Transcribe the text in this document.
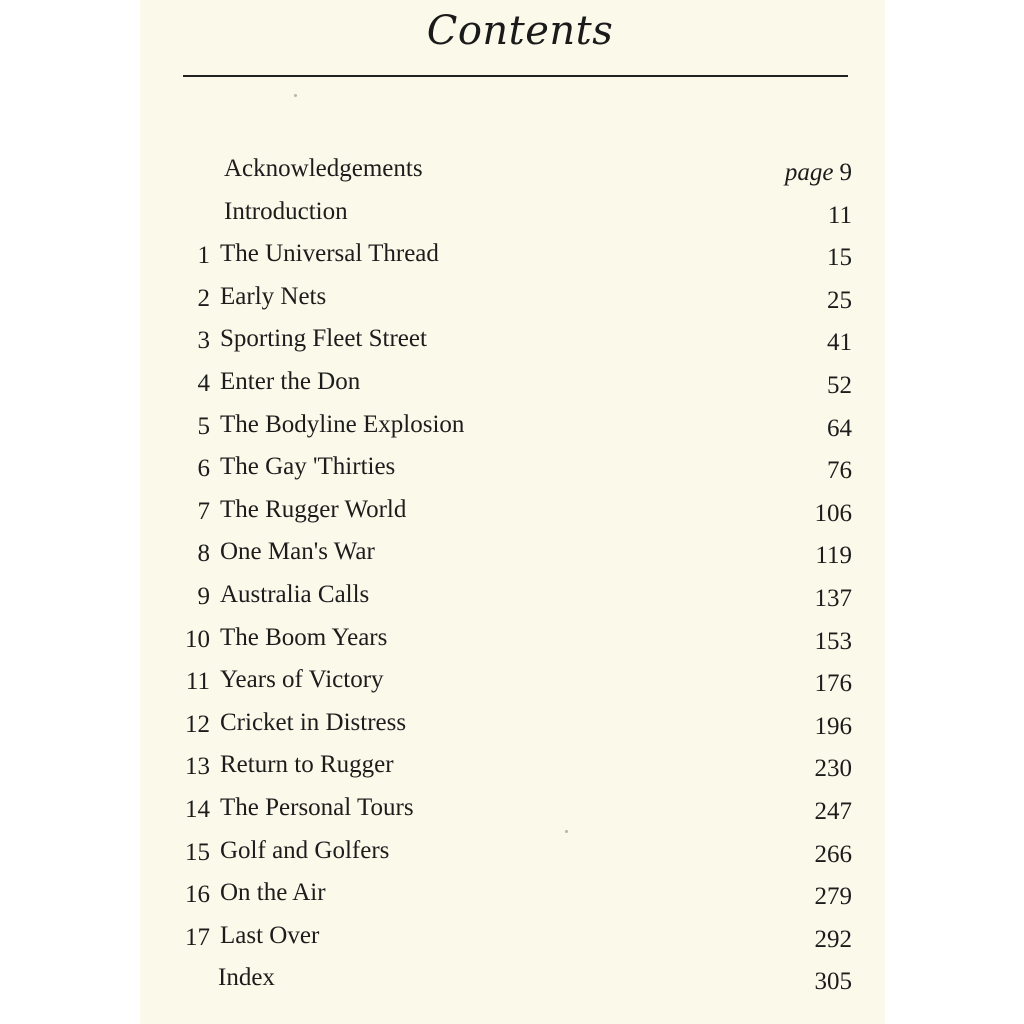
Contents
Acknowledgements	page 9
Introduction	11
1 The Universal Thread	15
2 Early Nets	25
3 Sporting Fleet Street	41
4 Enter the Don	52
5 The Bodyline Explosion	64
6 The Gay 'Thirties	76
7 The Rugger World	106
8 One Man's War	119
9 Australia Calls	137
10 The Boom Years	153
11 Years of Victory	176
12 Cricket in Distress	196
13 Return to Rugger	230
14 The Personal Tours	247
15 Golf and Golfers	266
16 On the Air	279
17 Last Over	292
Index	305
